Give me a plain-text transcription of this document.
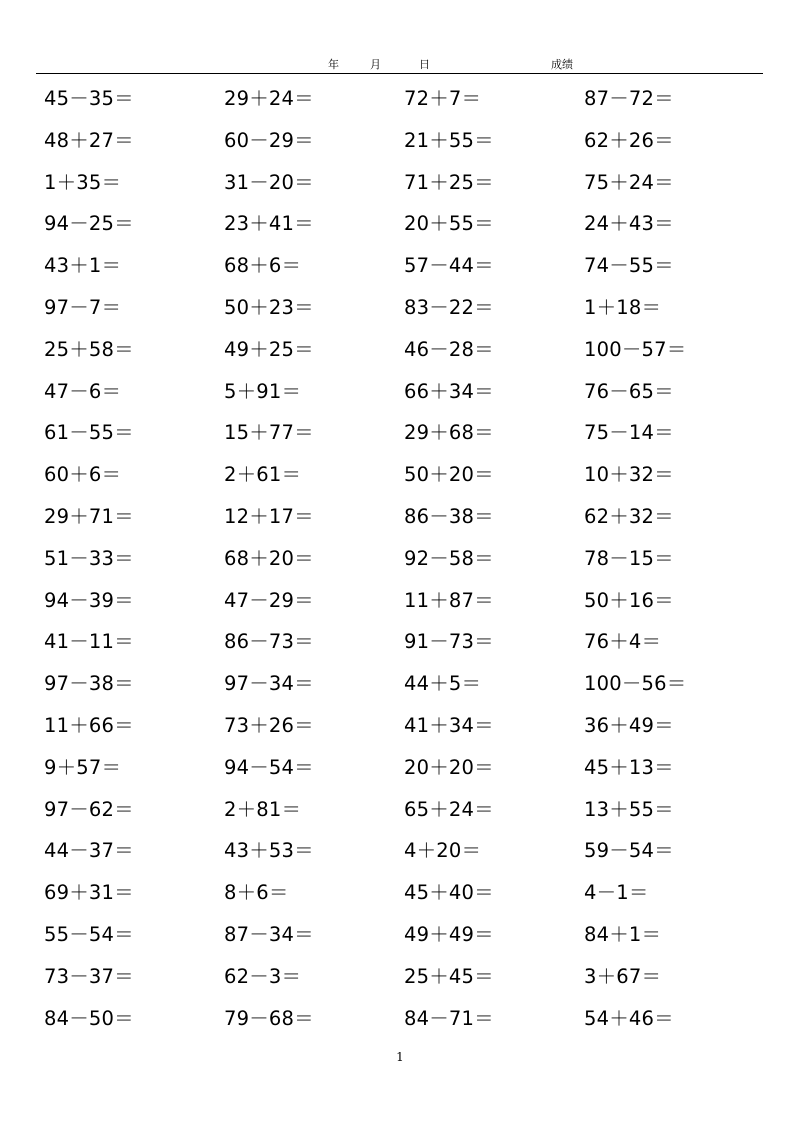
年	月	日	成绩
45－35＝	29＋24＝	72＋7＝	87－72＝
48＋27＝	60－29＝	21＋55＝	62＋26＝
1＋35＝	31－20＝	71＋25＝	75＋24＝
94－25＝	23＋41＝	20＋55＝	24＋43＝
43＋1＝	68＋6＝	57－44＝	74－55＝
97－7＝	50＋23＝	83－22＝	1＋18＝
25＋58＝	49＋25＝	46－28＝	100－57＝
47－6＝	5＋91＝	66＋34＝	76－65＝
61－55＝	15＋77＝	29＋68＝	75－14＝
60＋6＝	2＋61＝	50＋20＝	10＋32＝
29＋71＝	12＋17＝	86－38＝	62＋32＝
51－33＝	68＋20＝	92－58＝	78－15＝
94－39＝	47－29＝	11＋87＝	50＋16＝
41－11＝	86－73＝	91－73＝	76＋4＝
97－38＝	97－34＝	44＋5＝	100－56＝
11＋66＝	73＋26＝	41＋34＝	36＋49＝
9＋57＝	94－54＝	20＋20＝	45＋13＝
97－62＝	2＋81＝	65＋24＝	13＋55＝
44－37＝	43＋53＝	4＋20＝	59－54＝
69＋31＝	8＋6＝	45＋40＝	4－1＝
55－54＝	87－34＝	49＋49＝	84＋1＝
73－37＝	62－3＝	25＋45＝	3＋67＝
84－50＝	79－68＝	84－71＝	54＋46＝
1
